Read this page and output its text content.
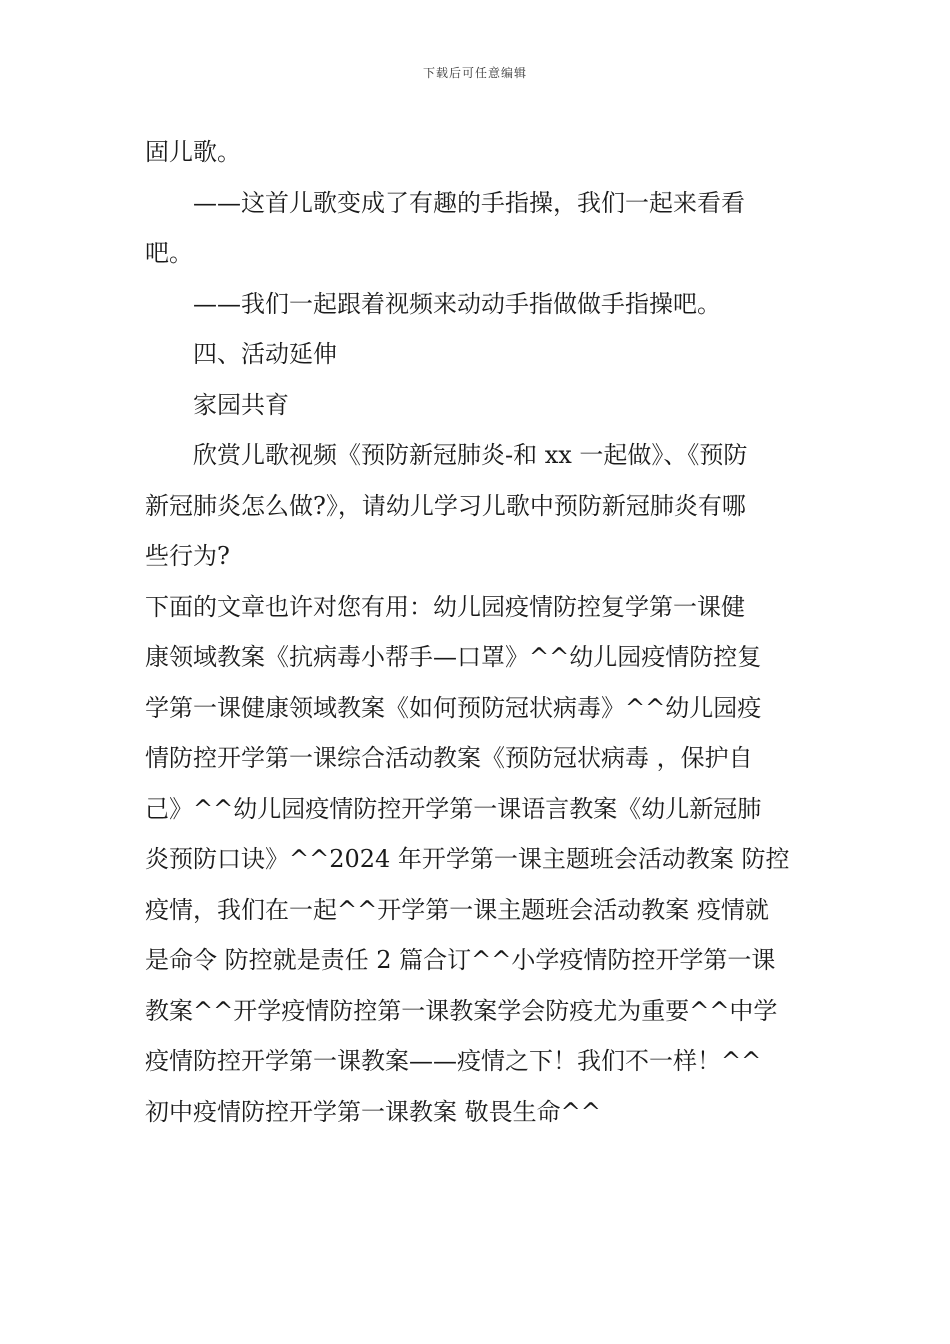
下载后可任意编辑

固儿歌。

——这首儿歌变成了有趣的手指操，我们一起来看看

吧。

——我们一起跟着视频来动动手指做做手指操吧。

四、活动延伸

家园共育

欣赏儿歌视频《预防新冠肺炎-和 xx 一起做》、《预防

新冠肺炎怎么做?》，请幼儿学习儿歌中预防新冠肺炎有哪

些行为?

下面的文章也许对您有用：幼儿园疫情防控复学第一课健

康领域教案《抗病毒小帮手—口罩》^^幼儿园疫情防控复

学第一课健康领域教案《如何预防冠状病毒》^^幼儿园疫

情防控开学第一课综合活动教案《预防冠状病毒 ，保护自

己》^^幼儿园疫情防控开学第一课语言教案《幼儿新冠肺

炎预防口诀》^^2024 年开学第一课主题班会活动教案 防控

疫情，我们在一起^^开学第一课主题班会活动教案 疫情就

是命令 防控就是责任 2 篇合订^^小学疫情防控开学第一课

教案^^开学疫情防控第一课教案学会防疫尤为重要^^中学

疫情防控开学第一课教案——疫情之下！我们不一样！^^

初中疫情防控开学第一课教案 敬畏生命^^
